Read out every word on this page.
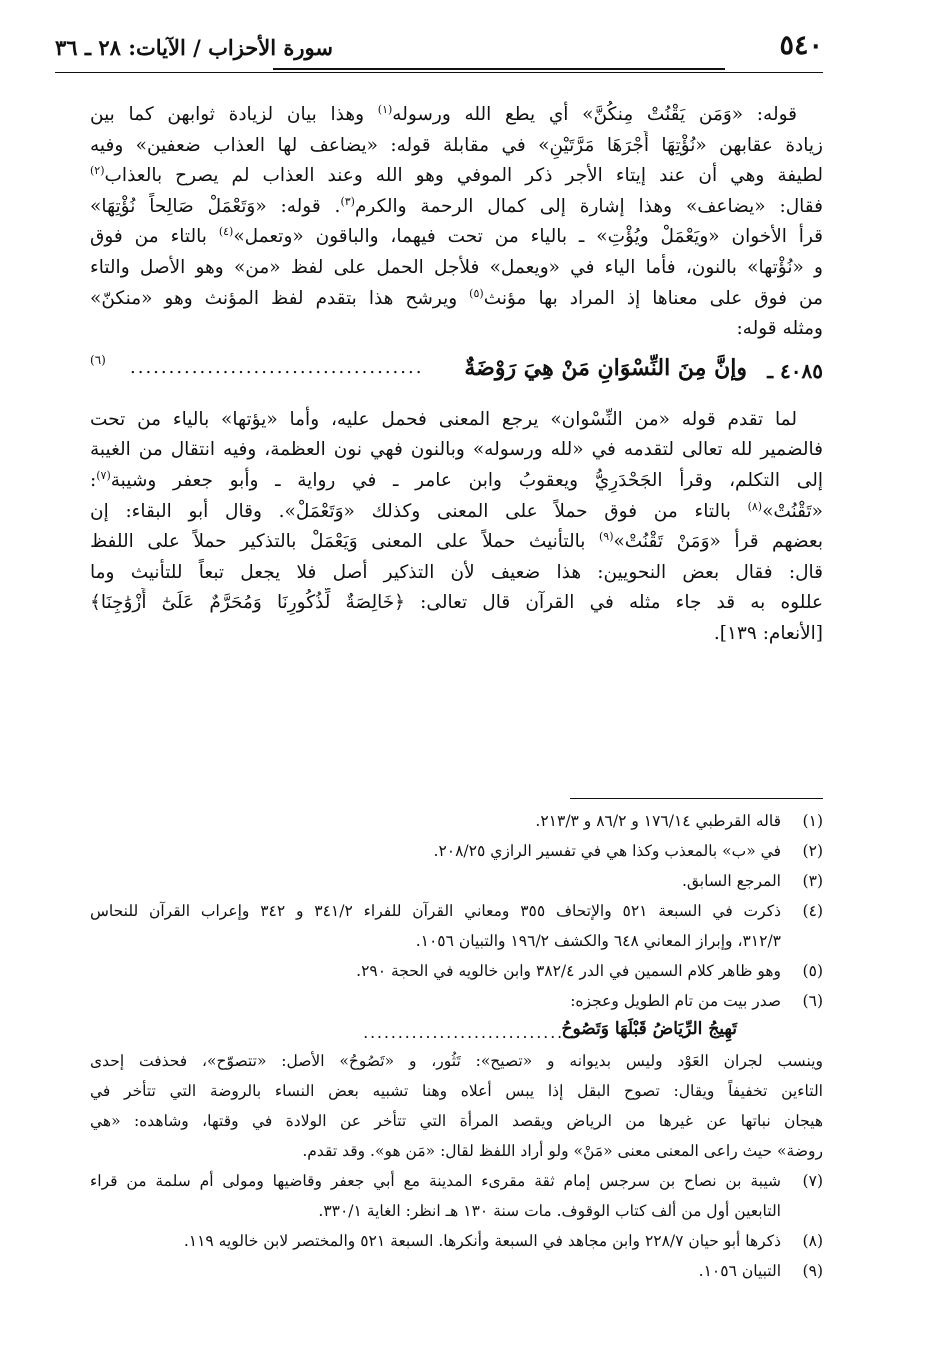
٥٤٠
سورة الأحزاب / الآيات: ٢٨ ـ ٣٦
قوله: «وَمَن يَقْنُتْ مِنكُنَّ» أي يطع الله ورسوله$^{(١)}$ وهذا بيان لزيادة ثوابهن كما بين
زيادة عقابهن «نُؤْتِهَا أَجْرَهَا مَرَّتَيْنِ» في مقابلة قوله: «يضاعف لها العذاب ضعفين» وفيه
لطيفة وهي أن عند إيتاء الأجر ذكر الموفي وهو الله وعند العذاب لم يصرح بالعذاب$^{(٢)}$
فقال: «يضاعف» وهذا إشارة إلى كمال الرحمة والكرم$^{(٣)}$. قوله: «وَتَعْمَلْ صَالِحاً نُؤْتِهَا»
قرأ الأخوان «ويَعْمَلْ ويُؤْتِ» ـ بالياء من تحت فيهما، والباقون «وتعمل»$^{(٤)}$ بالتاء من فوق
و «نُؤْتها» بالنون، فأما الياء في «ويعمل» فلأجل الحمل على لفظ «من» وهو الأصل والتاء
من فوق على معناها إذ المراد بها مؤنث$^{(٥)}$ ويرشح هذا بتقدم لفظ المؤنث وهو «منكنّ»
ومثله قوله:
٤٠٨٥ ـ
وإنَّ مِنَ النِّسْوَانِ مَنْ هِيَ رَوْضَةٌ
......................................
(٦)
لما تقدم قوله «من النِّسْوان» يرجع المعنى فحمل عليه، وأما «يؤتها» بالياء من تحت
فالضمير لله تعالى لتقدمه في «لله ورسوله» وبالنون فهي نون العظمة، وفيه انتقال من الغيبة
إلى التكلم، وقرأ الجَحْدَرِيُّ ويعقوبُ وابن عامر ـ في رواية ـ وأبو جعفر وشيبة$^{(٧)}$:
«تَقْنُتْ»$^{(٨)}$ بالتاء من فوق حملاً على المعنى وكذلك «وَتَعْمَلْ». وقال أبو البقاء: إن
بعضهم قرأ «وَمَنْ تَقْنُتْ»$^{(٩)}$ بالتأنيث حملاً على المعنى وَيَعْمَلْ بالتذكير حملاً على اللفظ
قال: فقال بعض النحويين: هذا ضعيف لأن التذكير أصل فلا يجعل تبعاً للتأنيث وما
عللوه به قد جاء مثله في القرآن قال تعالى: ﴿خَالِصَةٌ لِّذُكُورِنَا وَمُحَرَّمٌ عَلَىٰٓ أَزْوَٰجِنَا﴾
[الأنعام: ١٣٩].
(١)
قاله القرطبي ١٧٦/١٤ و ٨٦/٢ و ٢١٣/٣.
(٢)
في «ب» بالمعذب وكذا هي في تفسير الرازي ٢٠٨/٢٥.
(٣)
المرجع السابق.
(٤)
ذكرت في السبعة ٥٢١ والإتحاف ٣٥٥ ومعاني القرآن للفراء ٣٤١/٢ و ٣٤٢ وإعراب القرآن للنحاس
٣١٢/٣، وإبراز المعاني ٦٤٨ والكشف ١٩٦/٢ والتبيان ١٠٥٦.
(٥)
وهو ظاهر كلام السمين في الدر ٣٨٢/٤ وابن خالويه في الحجة ٢٩٠.
(٦)
صدر بيت من تام الطويل وعجزه:
تَهِيجُ الرِّيَاضُ قَبْلَهَا وَتَصُوحُ
..............................
وينسب لجران العَوْد وليس بديوانه و «تصيح»: تَثُور، و «تَصُوحُ» الأصل: «تتصوّح»، فحذفت إحدى
التاءين تخفيفاً ويقال: تصوح البقل إذا يبس أعلاه وهنا تشبيه بعض النساء بالروضة التي تتأخر في
هيجان نباتها عن غيرها من الرياض ويقصد المرأة التي تتأخر عن الولادة في وقتها، وشاهده: «هي
روضة» حيث راعى المعنى معنى «مَنْ» ولو أراد اللفظ لقال: «مَن هو». وقد تقدم.
(٧)
شيبة بن نصاح بن سرجس إمام ثقة مقرىء المدينة مع أبي جعفر وقاضيها ومولى أم سلمة من قراء
التابعين أول من ألف كتاب الوقوف. مات سنة ١٣٠ هـ انظر: الغاية ٣٣٠/١.
(٨)
ذكرها أبو حيان ٢٢٨/٧ وابن مجاهد في السبعة وأنكرها. السبعة ٥٢١ والمختصر لابن خالويه ١١٩.
(٩)
التبيان ١٠٥٦.
